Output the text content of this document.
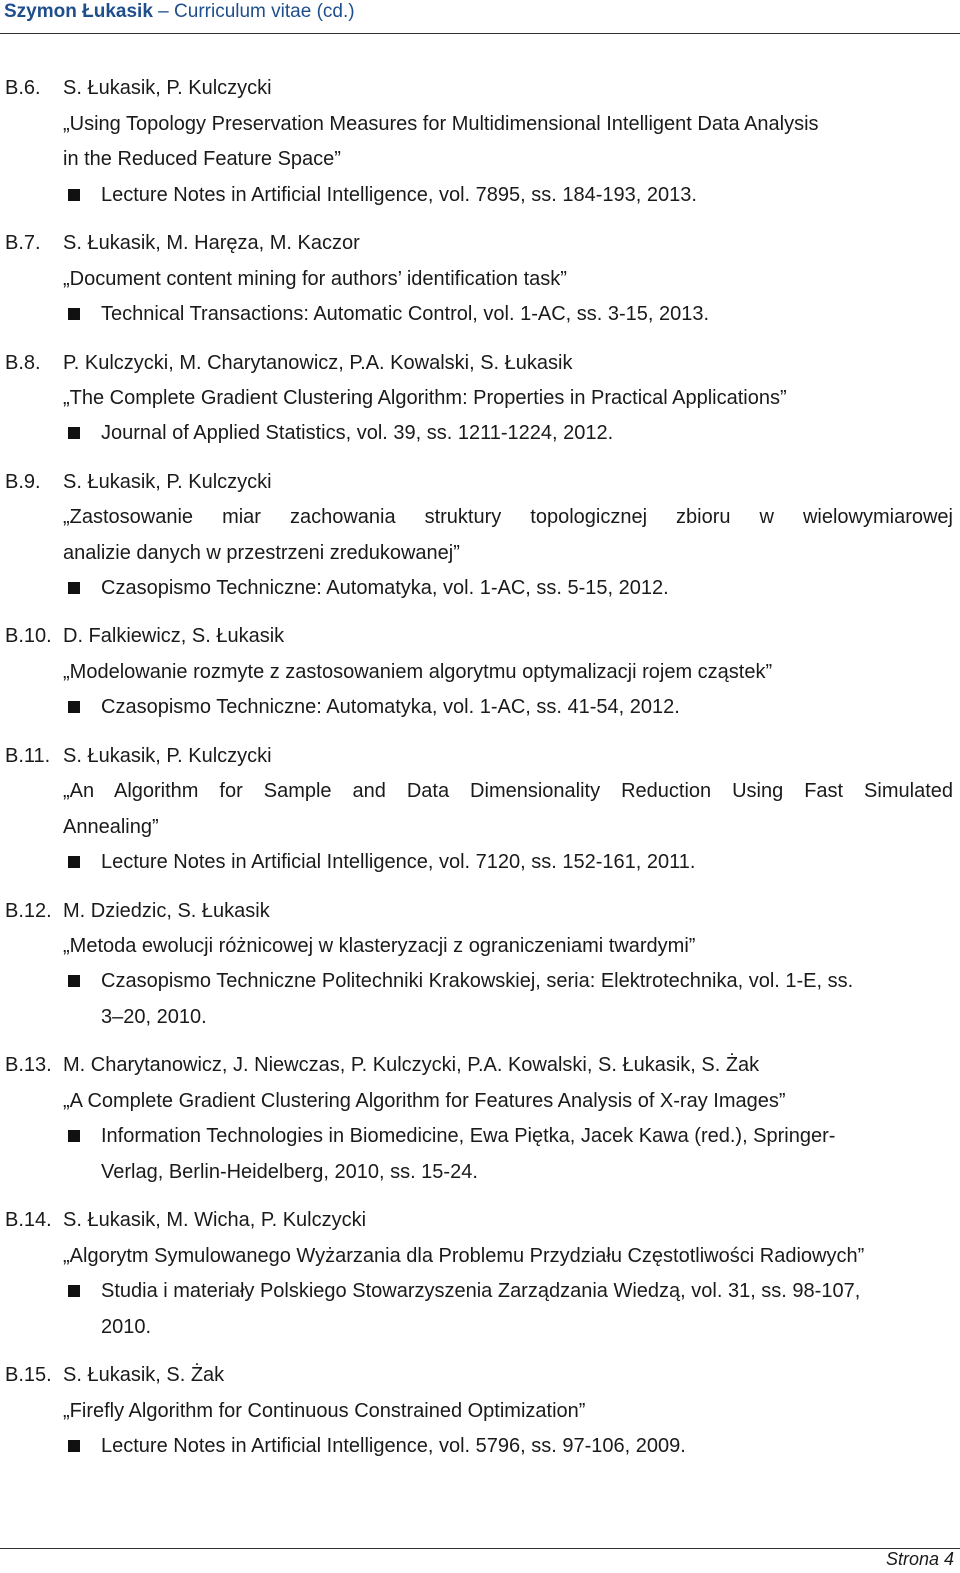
Szymon Łukasik – Curriculum vitae (cd.)
B.6. S. Łukasik, P. Kulczycki
„Using Topology Preservation Measures for Multidimensional Intelligent Data Analysis
in the Reduced Feature Space”
Lecture Notes in Artificial Intelligence, vol. 7895, ss. 184-193, 2013.
B.7. S. Łukasik, M. Haręza, M. Kaczor
„Document content mining for authors’ identification task”
Technical Transactions: Automatic Control, vol. 1-AC, ss. 3-15, 2013.
B.8. P. Kulczycki, M. Charytanowicz, P.A. Kowalski, S. Łukasik
„The Complete Gradient Clustering Algorithm: Properties in Practical Applications”
Journal of Applied Statistics, vol. 39, ss. 1211-1224, 2012.
B.9. S. Łukasik, P. Kulczycki
„Zastosowanie miar zachowania struktury topologicznej zbioru w wielowymiarowej
analizie danych w przestrzeni zredukowanej”
Czasopismo Techniczne: Automatyka, vol. 1-AC, ss. 5-15, 2012.
B.10. D. Falkiewicz, S. Łukasik
„Modelowanie rozmyte z zastosowaniem algorytmu optymalizacji rojem cząstek”
Czasopismo Techniczne: Automatyka, vol. 1-AC, ss. 41-54, 2012.
B.11. S. Łukasik, P. Kulczycki
„An Algorithm for Sample and Data Dimensionality Reduction Using Fast Simulated
Annealing”
Lecture Notes in Artificial Intelligence, vol. 7120, ss. 152-161, 2011.
B.12. M. Dziedzic, S. Łukasik
„Metoda ewolucji różnicowej w klasteryzacji z ograniczeniami twardymi”
Czasopismo Techniczne Politechniki Krakowskiej, seria: Elektrotechnika, vol. 1-E, ss.
3–20, 2010.
B.13. M. Charytanowicz, J. Niewczas, P. Kulczycki, P.A. Kowalski, S. Łukasik, S. Żak
„A Complete Gradient Clustering Algorithm for Features Analysis of X-ray Images”
Information Technologies in Biomedicine, Ewa Piętka, Jacek Kawa (red.), Springer-
Verlag, Berlin-Heidelberg, 2010, ss. 15-24.
B.14. S. Łukasik, M. Wicha, P. Kulczycki
„Algorytm Symulowanego Wyżarzania dla Problemu Przydziału Częstotliwości Radiowych”
Studia i materiały Polskiego Stowarzyszenia Zarządzania Wiedzą, vol. 31, ss. 98-107,
2010.
B.15. S. Łukasik, S. Żak
„Firefly Algorithm for Continuous Constrained Optimization”
Lecture Notes in Artificial Intelligence, vol. 5796, ss. 97-106, 2009.
Strona 4
